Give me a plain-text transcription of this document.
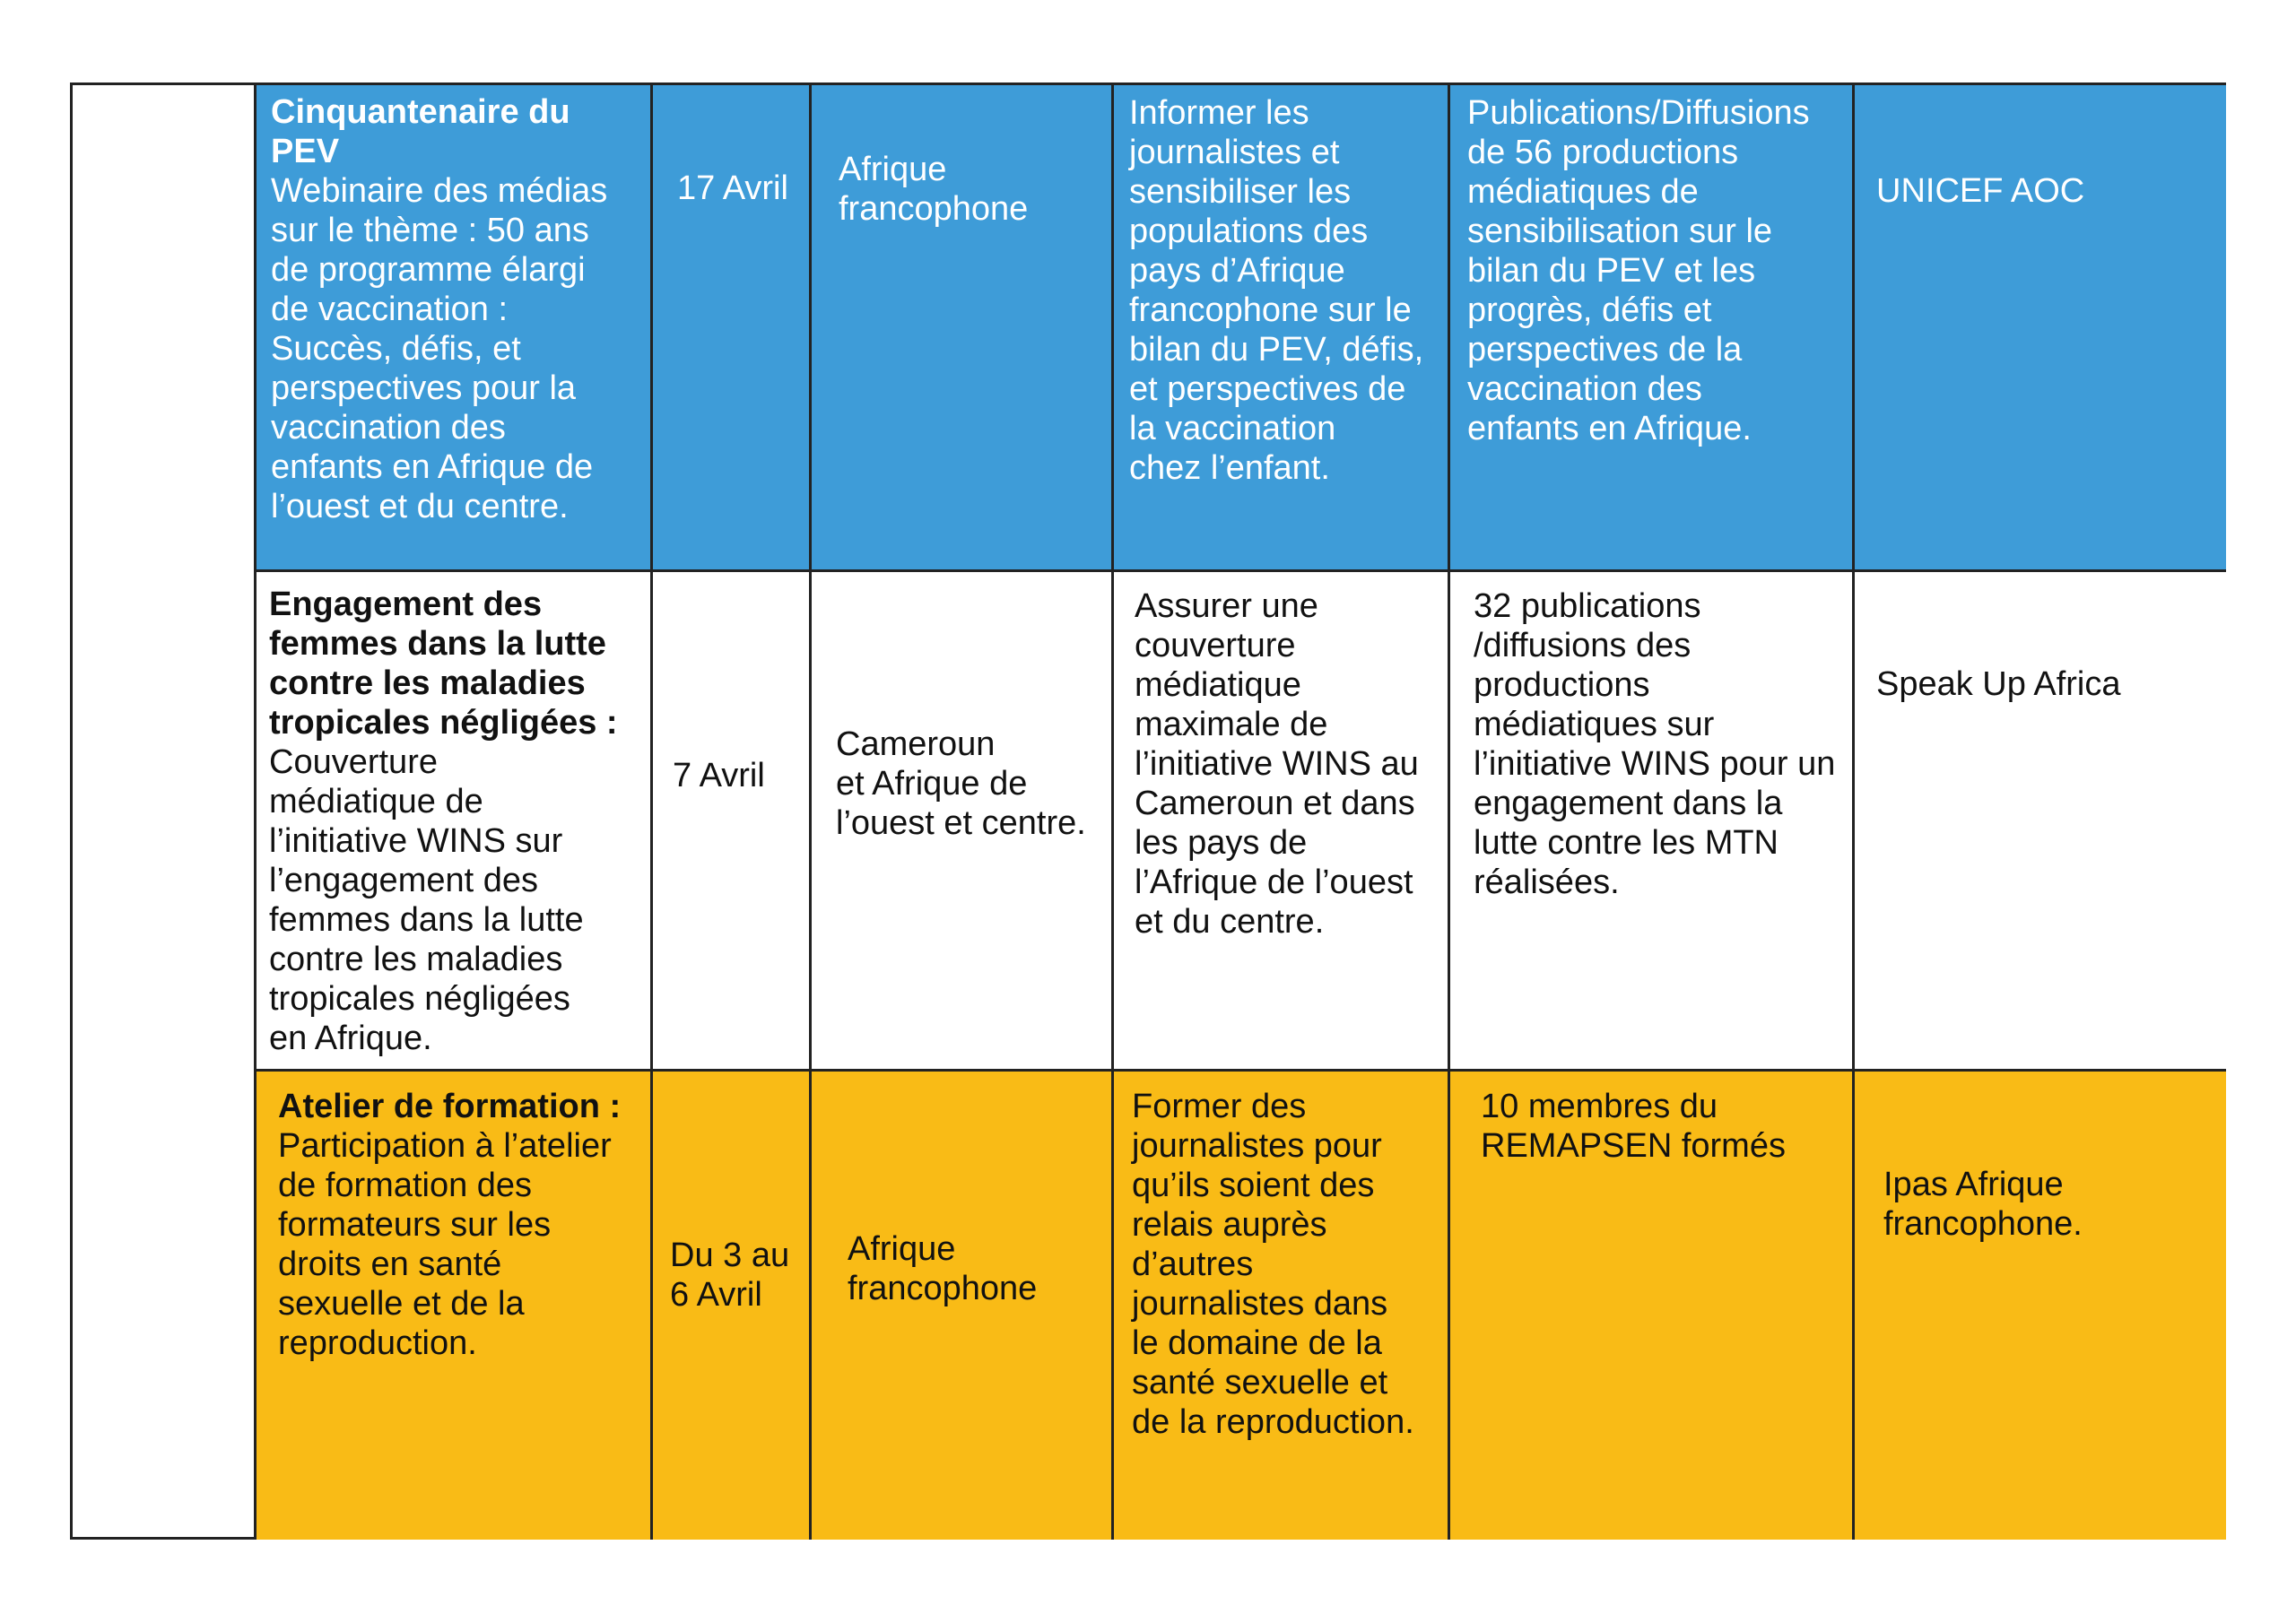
Cinquantenaire du
PEV
Webinaire des médias
sur le thème : 50 ans
de programme élargi
de vaccination :
Succès, défis, et
perspectives pour la
vaccination des
enfants en Afrique de
l’ouest et du centre.
17 Avril Afrique
francophone
Informer les
journalistes et
sensibiliser les
populations des
pays d’Afrique
francophone sur le
bilan du PEV, défis,
et perspectives de
la vaccination
chez l’enfant.
Publications/Diffusions
de 56 productions
médiatiques de
sensibilisation sur le
bilan du PEV et les
progrès, défis et
perspectives de la
vaccination des
enfants en Afrique.
UNICEF AOC
Engagement des
femmes dans la lutte
contre les maladies
tropicales négligées :
Couverture
médiatique de
l’initiative WINS sur
l’engagement des
femmes dans la lutte
contre les maladies
tropicales négligées
en Afrique.
7 Avril
Cameroun
et Afrique de
l’ouest et centre.
Assurer une
couverture
médiatique
maximale de
l’initiative WINS au
Cameroun et dans
les pays de
l’Afrique de l’ouest
et du centre.
32 publications
/diffusions des
productions
médiatiques sur
l’initiative WINS pour un
engagement dans la
lutte contre les MTN
réalisées.
Speak Up Africa
Atelier de formation :
Participation à l’atelier
de formation des
formateurs sur les
droits en santé
sexuelle et de la
reproduction.
Du 3 au
6 Avril
Afrique
francophone
Former des
journalistes pour
qu’ils soient des
relais auprès
d’autres
journalistes dans
le domaine de la
santé sexuelle et
de la reproduction.
10 membres du
REMAPSEN formés
Ipas Afrique
francophone.
